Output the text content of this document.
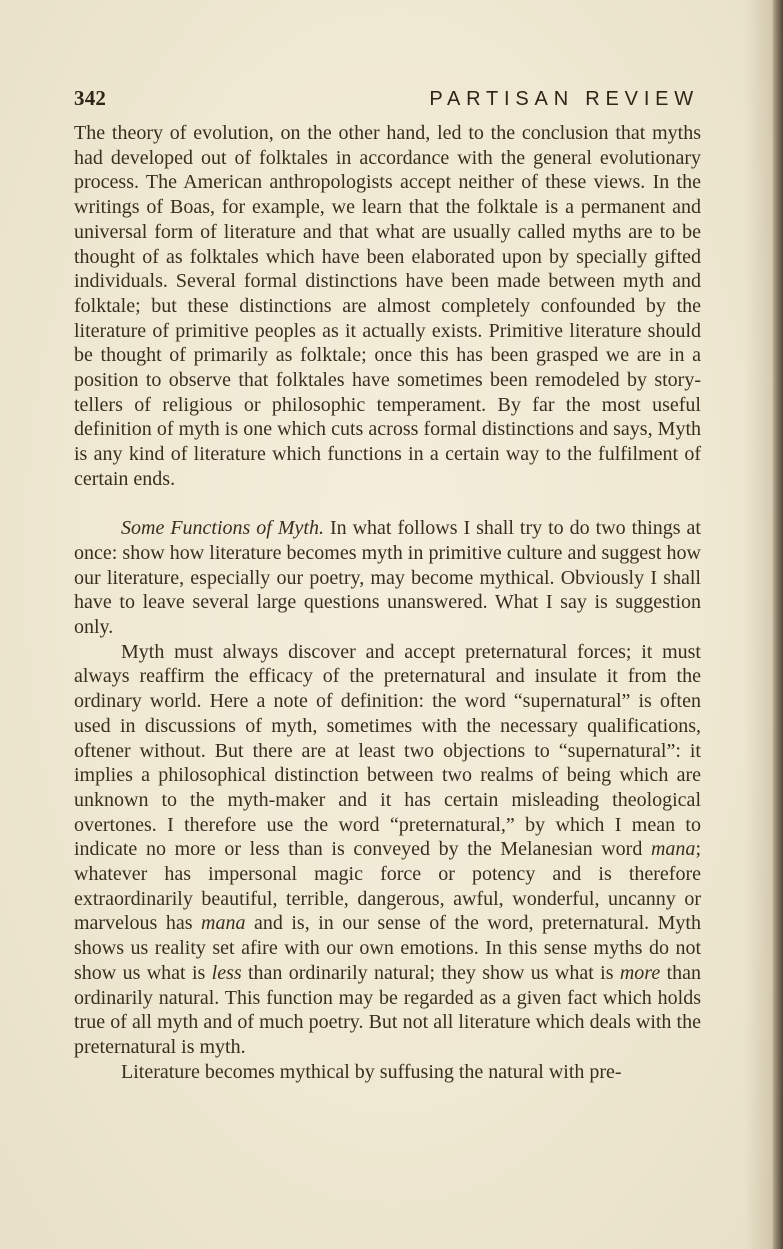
342	PARTISAN REVIEW

The theory of evolution, on the other hand, led to the conclusion that myths had developed out of folktales in accordance with the general evolutionary process. The American anthropologists accept neither of these views. In the writings of Boas, for example, we learn that the folktale is a permanent and universal form of literature and that what are usually called myths are to be thought of as folktales which have been elaborated upon by specially gifted individuals. Several formal distinctions have been made between myth and folktale; but these distinctions are almost completely confounded by the literature of primitive peoples as it actually exists. Primitive literature should be thought of primarily as folktale; once this has been grasped we are in a position to observe that folktales have sometimes been remodeled by story-tellers of religious or philosophic temperament. By far the most useful definition of myth is one which cuts across formal distinctions and says, Myth is any kind of literature which functions in a certain way to the fulfilment of certain ends.

Some Functions of Myth. In what follows I shall try to do two things at once: show how literature becomes myth in primitive culture and suggest how our literature, especially our poetry, may become mythical. Obviously I shall have to leave several large questions unanswered. What I say is suggestion only.

Myth must always discover and accept preternatural forces; it must always reaffirm the efficacy of the preternatural and insulate it from the ordinary world. Here a note of definition: the word “supernatural” is often used in discussions of myth, sometimes with the necessary qualifications, oftener without. But there are at least two objections to “supernatural”: it implies a philosophical distinction between two realms of being which are unknown to the myth-maker and it has certain misleading theological overtones. I therefore use the word “preternatural,” by which I mean to indicate no more or less than is conveyed by the Melanesian word mana; whatever has impersonal magic force or potency and is therefore extraordinarily beautiful, terrible, dangerous, awful, wonderful, uncanny or marvelous has mana and is, in our sense of the word, preternatural. Myth shows us reality set afire with our own emotions. In this sense myths do not show us what is less than ordinarily natural; they show us what is more than ordinarily natural. This function may be regarded as a given fact which holds true of all myth and of much poetry. But not all literature which deals with the preternatural is myth.

Literature becomes mythical by suffusing the natural with pre-
